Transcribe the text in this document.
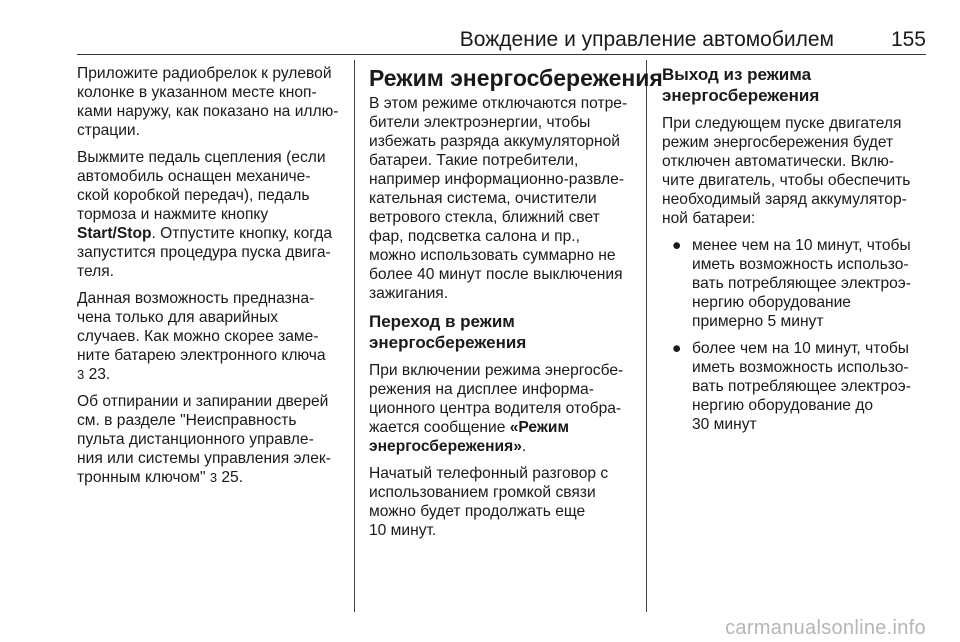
Вождение и управление автомобилем	155
Приложите радиобрелок к рулевой
колонке в указанном месте кноп-
ками наружу, как показано на иллю-
страции.
Выжмите педаль сцепления (если
автомобиль оснащен механиче-
ской коробкой передач), педаль
тормоза и нажмите кнопку
Start/Stop. Отпустите кнопку, когда
запустится процедура пуска двига-
теля.
Данная возможность предназна-
чена только для аварийных
случаев. Как можно скорее заме-
ните батарею электронного ключа
3 23.
Об отпирании и запирании дверей
см. в разделе "Неисправность
пульта дистанционного управле-
ния или системы управления элек-
тронным ключом" 3 25.
Режим энергосбережения
В этом режиме отключаются потре-
бители электроэнергии, чтобы
избежать разряда аккумуляторной
батареи. Такие потребители,
например информационно-развле-
кательная система, очистители
ветрового стекла, ближний свет
фар, подсветка салона и пр.,
можно использовать суммарно не
более 40 минут после выключения
зажигания.
Переход в режим
энергосбережения
При включении режима энергосбе-
режения на дисплее информа-
ционного центра водителя отобра-
жается сообщение «Режим
энергосбережения».
Начатый телефонный разговор с
использованием громкой связи
можно будет продолжать еще
10 минут.
Выход из режима
энергосбережения
При следующем пуске двигателя
режим энергосбережения будет
отключен автоматически. Вклю-
чите двигатель, чтобы обеспечить
необходимый заряд аккумулятор-
ной батареи:
● менее чем на 10 минут, чтобы
иметь возможность использо-
вать потребляющее электроэ-
нергию оборудование
примерно 5 минут
● более чем на 10 минут, чтобы
иметь возможность использо-
вать потребляющее электроэ-
нергию оборудование до
30 минут
carmanualsonline.info
